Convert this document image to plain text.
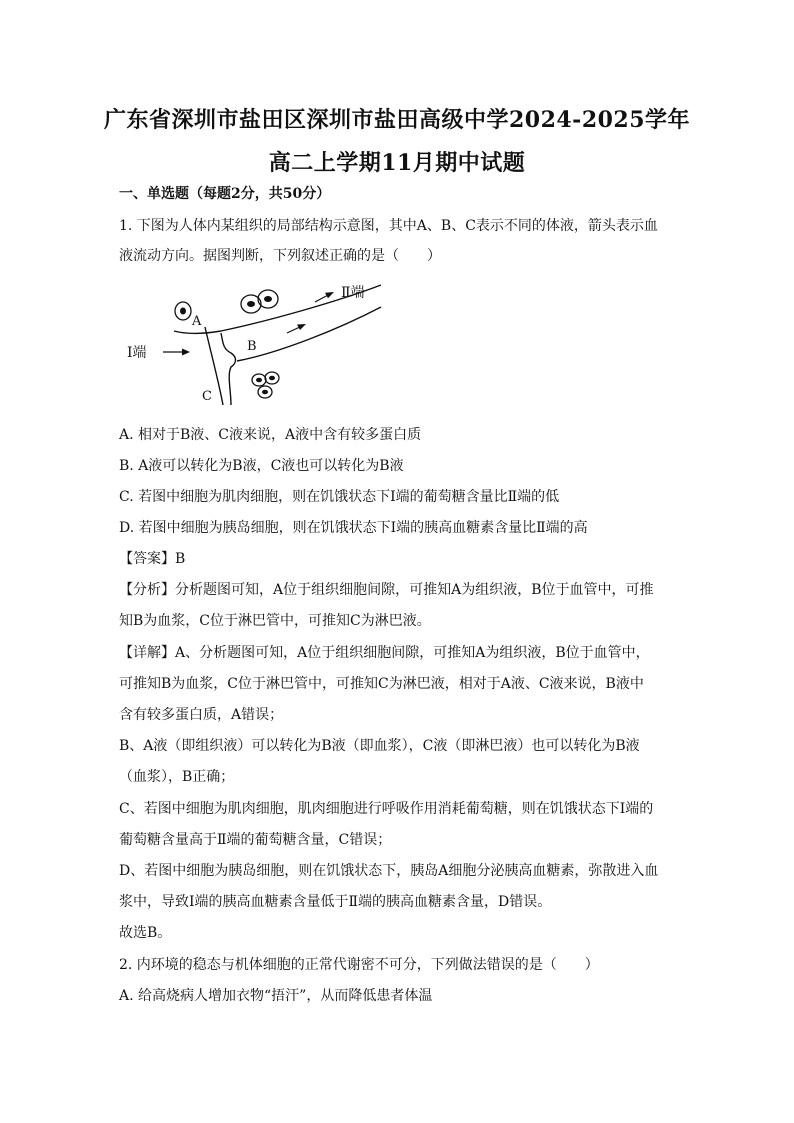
广东省深圳市盐田区深圳市盐田高级中学2024-2025学年
高二上学期11月期中试题
一、单选题（每题2分，共50分）
1. 下图为人体内某组织的局部结构示意图，其中A、B、C表示不同的体液，箭头表示血
液流动方向。据图判断，下列叙述正确的是（　　）
A
B
C
Ⅰ端
Ⅱ端
A. 相对于B液、C液来说，A液中含有较多蛋白质
B. A液可以转化为B液，C液也可以转化为B液
C. 若图中细胞为肌肉细胞，则在饥饿状态下Ⅰ端的葡萄糖含量比Ⅱ端的低
D. 若图中细胞为胰岛细胞，则在饥饿状态下Ⅰ端的胰高血糖素含量比Ⅱ端的高
【答案】B
【分析】分析题图可知，A位于组织细胞间隙，可推知A为组织液，B位于血管中，可推
知B为血浆，C位于淋巴管中，可推知C为淋巴液。
【详解】A、分析题图可知，A位于组织细胞间隙，可推知A为组织液，B位于血管中，
可推知B为血浆，C位于淋巴管中，可推知C为淋巴液，相对于A液、C液来说，B液中
含有较多蛋白质，A错误；
B、A液（即组织液）可以转化为B液（即血浆），C液（即淋巴液）也可以转化为B液
（血浆），B正确；
C、若图中细胞为肌肉细胞，肌肉细胞进行呼吸作用消耗葡萄糖，则在饥饿状态下Ⅰ端的
葡萄糖含量高于Ⅱ端的葡萄糖含量，C错误；
D、若图中细胞为胰岛细胞，则在饥饿状态下，胰岛A细胞分泌胰高血糖素，弥散进入血
浆中，导致Ⅰ端的胰高血糖素含量低于Ⅱ端的胰高血糖素含量，D错误。
故选B。
2. 内环境的稳态与机体细胞的正常代谢密不可分，下列做法错误的是（　　）
A. 给高烧病人增加衣物“捂汗”，从而降低患者体温
